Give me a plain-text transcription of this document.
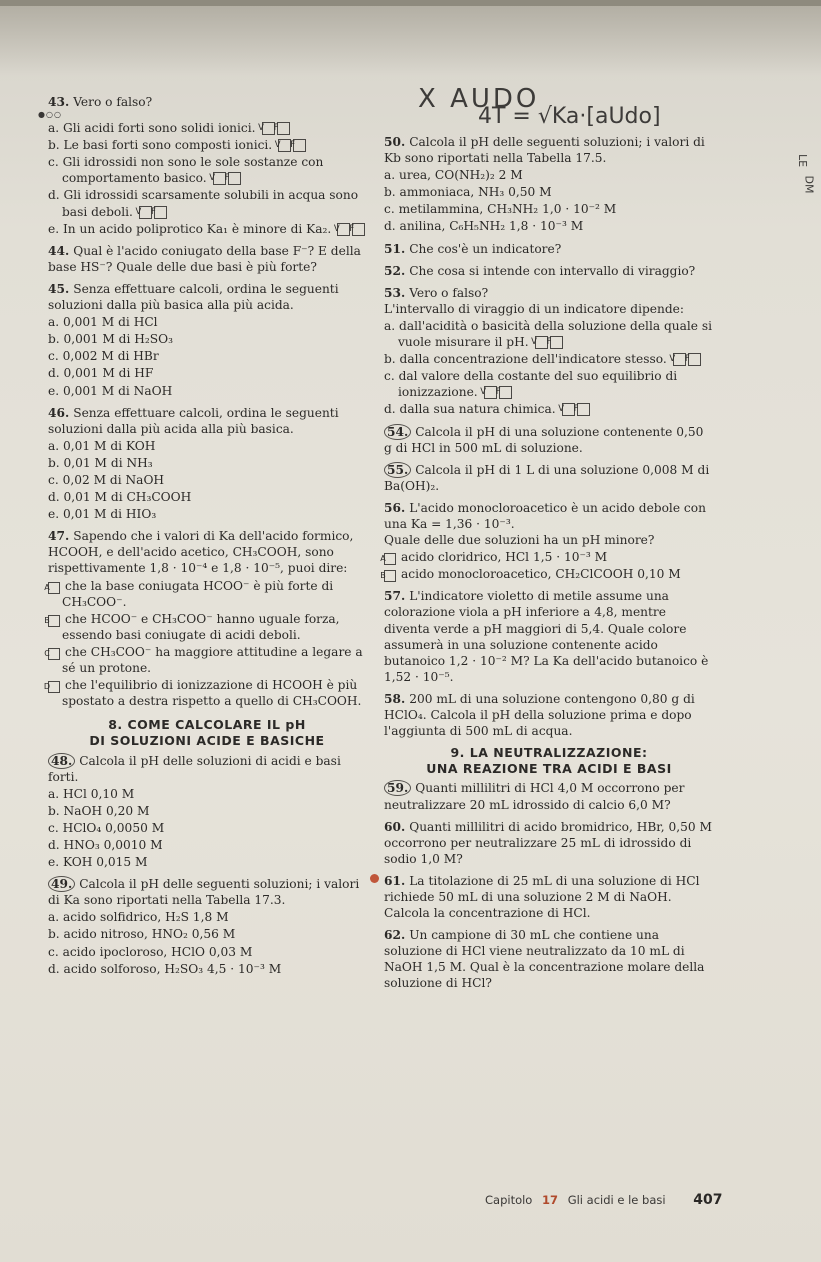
X AUDO
4T = √Ka·[aUdo]
LE
DM
43. Vero o falso?
●○○
a. Gli acidi forti sono solidi ionici. V	F
b. Le basi forti sono composti ionici. V	F
c. Gli idrossidi non sono le sole sostanze con comportamento basico. V	F
d. Gli idrossidi scarsamente solubili in acqua sono basi deboli. V	F
e. In un acido poliprotico Ka₁ è minore di Ka₂. V	F
44. Qual è l'acido coniugato della base F⁻? E della base HS⁻? Quale delle due basi è più forte?
45. Senza effettuare calcoli, ordina le seguenti soluzioni dalla più basica alla più acida.
a. 0,001 M di HCl
b. 0,001 M di H₂SO₃
c. 0,002 M di HBr
d. 0,001 M di HF
e. 0,001 M di NaOH
46. Senza effettuare calcoli, ordina le seguenti soluzioni dalla più acida alla più basica.
a. 0,01 M di KOH
b. 0,01 M di NH₃
c. 0,02 M di NaOH
d. 0,01 M di CH₃COOH
e. 0,01 M di HIO₃
47. Sapendo che i valori di Ka dell'acido formico, HCOOH, e dell'acido acetico, CH₃COOH, sono rispettivamente 1,8 · 10⁻⁴ e 1,8 · 10⁻⁵, puoi dire:
A che la base coniugata HCOO⁻ è più forte di CH₃COO⁻.
B che HCOO⁻ e CH₃COO⁻ hanno uguale forza, essendo basi coniugate di acidi deboli.
C che CH₃COO⁻ ha maggiore attitudine a legare a sé un protone.
D che l'equilibrio di ionizzazione di HCOOH è più spostato a destra rispetto a quello di CH₃COOH.
8. COME CALCOLARE IL pH
DI SOLUZIONI ACIDE E BASICHE
48. Calcola il pH delle soluzioni di acidi e basi forti.
a. HCl 0,10 M
b. NaOH 0,20 M
c. HClO₄ 0,0050 M
d. HNO₃ 0,0010 M
e. KOH 0,015 M
49. Calcola il pH delle seguenti soluzioni; i valori di Ka sono riportati nella Tabella 17.3.
a. acido solfidrico, H₂S 1,8 M
b. acido nitroso, HNO₂ 0,56 M
c. acido ipocloroso, HClO 0,03 M
d. acido solforoso, H₂SO₃ 4,5 · 10⁻³ M
50. Calcola il pH delle seguenti soluzioni; i valori di Kb sono riportati nella Tabella 17.5.
a. urea, CO(NH₂)₂ 2 M
b. ammoniaca, NH₃ 0,50 M
c. metilammina, CH₃NH₂ 1,0 · 10⁻² M
d. anilina, C₆H₅NH₂ 1,8 · 10⁻³ M
51. Che cos'è un indicatore?
52. Che cosa si intende con intervallo di viraggio?
53. Vero o falso?
L'intervallo di viraggio di un indicatore dipende:
a. dall'acidità o basicità della soluzione della quale si vuole misurare il pH. V	F
b. dalla concentrazione dell'indicatore stesso. V	F
c. dal valore della costante del suo equilibrio di ionizzazione. V	F
d. dalla sua natura chimica. V	F
54. Calcola il pH di una soluzione contenente 0,50 g di HCl in 500 mL di soluzione.
55. Calcola il pH di 1 L di una soluzione 0,008 M di Ba(OH)₂.
56. L'acido monocloroacetico è un acido debole con una Ka = 1,36 · 10⁻³.
Quale delle due soluzioni ha un pH minore?
A acido cloridrico, HCl 1,5 · 10⁻³ M
B acido monocloroacetico, CH₂ClCOOH 0,10 M
57. L'indicatore violetto di metile assume una colorazione viola a pH inferiore a 4,8, mentre diventa verde a pH maggiori di 5,4. Quale colore assumerà in una soluzione contenente acido butanoico 1,2 · 10⁻² M? La Ka dell'acido butanoico è 1,52 · 10⁻⁵.
58. 200 mL di una soluzione contengono 0,80 g di HClO₄. Calcola il pH della soluzione prima e dopo l'aggiunta di 500 mL di acqua.
9. LA NEUTRALIZZAZIONE:
UNA REAZIONE TRA ACIDI E BASI
59. Quanti millilitri di HCl 4,0 M occorrono per neutralizzare 20 mL idrossido di calcio 6,0 M?
60. Quanti millilitri di acido bromidrico, HBr, 0,50 M occorrono per neutralizzare 25 mL di idrossido di sodio 1,0 M?
61. La titolazione di 25 mL di una soluzione di HCl richiede 50 mL di una soluzione 2 M di NaOH. Calcola la concentrazione di HCl.
62. Un campione di 30 mL che contiene una soluzione di HCl viene neutralizzato da 10 mL di NaOH 1,5 M. Qual è la concentrazione molare della soluzione di HCl?
Capitolo 17 Gli acidi e le basi 407
